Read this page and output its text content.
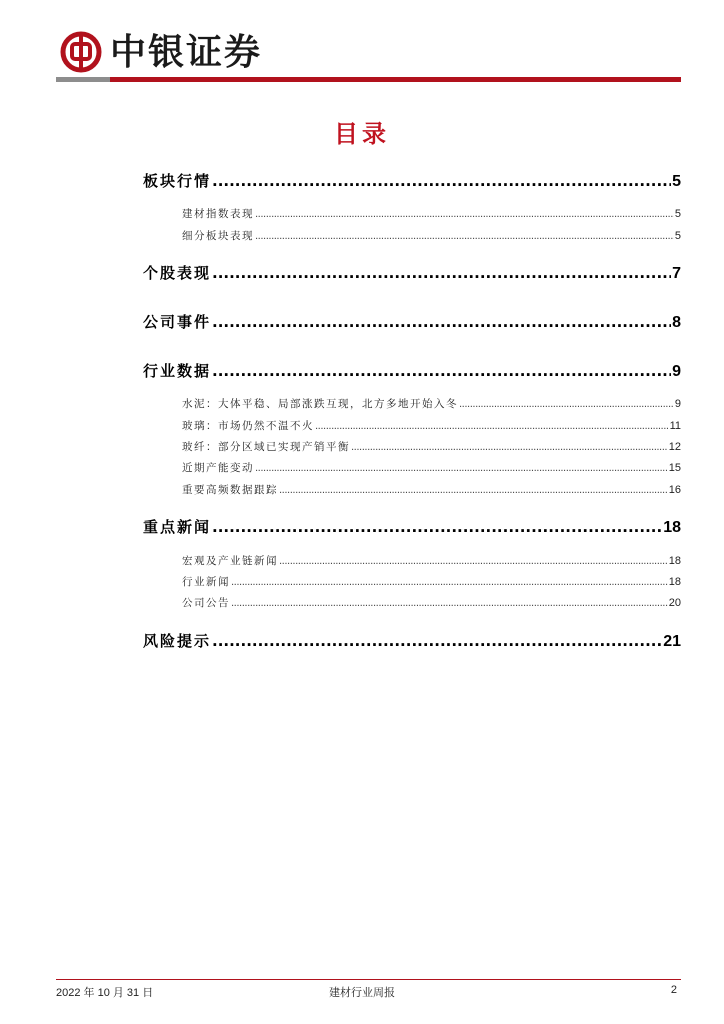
中银证券
目录
板块行情 .....	5
建材指数表现 .....	5
细分板块表现 .....	5
个股表现 .....	7
公司事件 .....	8
行业数据 .....	9
水泥：大体平稳、局部涨跌互现，北方多地开始入冬 .....	9
玻璃：市场仍然不温不火 .....	11
玻纤：部分区域已实现产销平衡 .....	12
近期产能变动 .....	15
重要高频数据跟踪 .....	16
重点新闻 .....	18
宏观及产业链新闻 .....	18
行业新闻 .....	18
公司公告 .....	20
风险提示 .....	21
2022 年 10 月 31 日	建材行业周报	2
